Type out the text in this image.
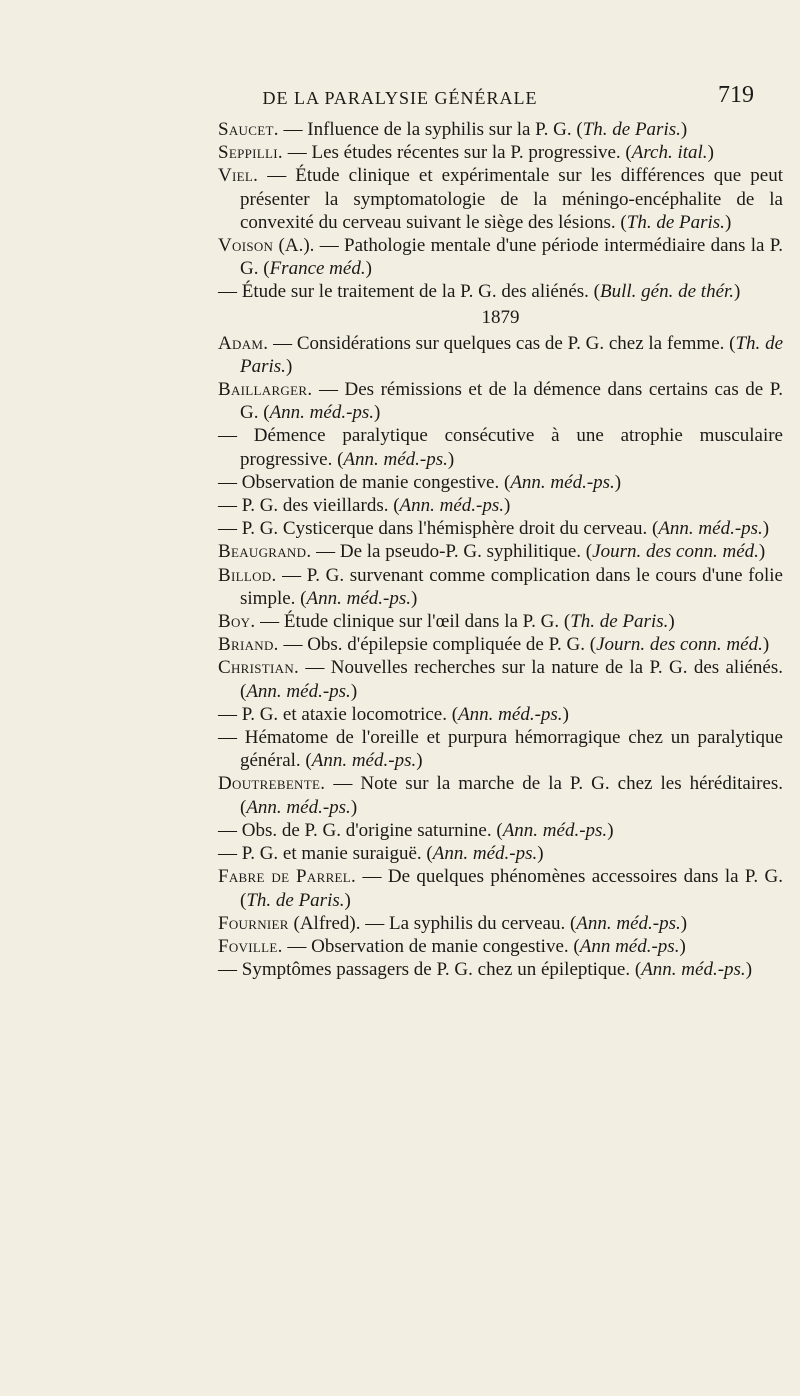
DE LA PARALYSIE GÉNÉRALE	719
Saucet. — Influence de la syphilis sur la P. G. (Th. de Paris.)
Seppilli. — Les études récentes sur la P. progressive. (Arch. ital.)
Viel. — Étude clinique et expérimentale sur les différences que peut présenter la symptomatologie de la méningo-encéphalite de la convexité du cerveau suivant le siège des lésions. (Th. de Paris.)
Voison (A.). — Pathologie mentale d'une période intermédiaire dans la P. G. (France méd.)
— Étude sur le traitement de la P. G. des aliénés. (Bull. gén. de thér.)
1879
Adam. — Considérations sur quelques cas de P. G. chez la femme. (Th. de Paris.)
Baillarger. — Des rémissions et de la démence dans certains cas de P. G. (Ann. méd.-ps.)
— Démence paralytique consécutive à une atrophie musculaire progressive. (Ann. méd.-ps.)
— Observation de manie congestive. (Ann. méd.-ps.)
— P. G. des vieillards. (Ann. méd.-ps.)
— P. G. Cysticerque dans l'hémisphère droit du cerveau. (Ann. méd.-ps.)
Beaugrand. — De la pseudo-P. G. syphilitique. (Journ. des conn. méd.)
Billod. — P. G. survenant comme complication dans le cours d'une folie simple. (Ann. méd.-ps.)
Boy. — Étude clinique sur l'œil dans la P. G. (Th. de Paris.)
Briand. — Obs. d'épilepsie compliquée de P. G. (Journ. des conn. méd.)
Christian. — Nouvelles recherches sur la nature de la P. G. des aliénés. (Ann. méd.-ps.)
— P. G. et ataxie locomotrice. (Ann. méd.-ps.)
— Hématome de l'oreille et purpura hémorragique chez un paralytique général. (Ann. méd.-ps.)
Doutrebente. — Note sur la marche de la P. G. chez les héréditaires. (Ann. méd.-ps.)
— Obs. de P. G. d'origine saturnine. (Ann. méd.-ps.)
— P. G. et manie suraiguë. (Ann. méd.-ps.)
Fabre de Parrel. — De quelques phénomènes accessoires dans la P. G. (Th. de Paris.)
Fournier (Alfred). — La syphilis du cerveau. (Ann. méd.-ps.)
Foville. — Observation de manie congestive. (Ann méd.-ps.)
— Symptômes passagers de P. G. chez un épileptique. (Ann. méd.-ps.)
